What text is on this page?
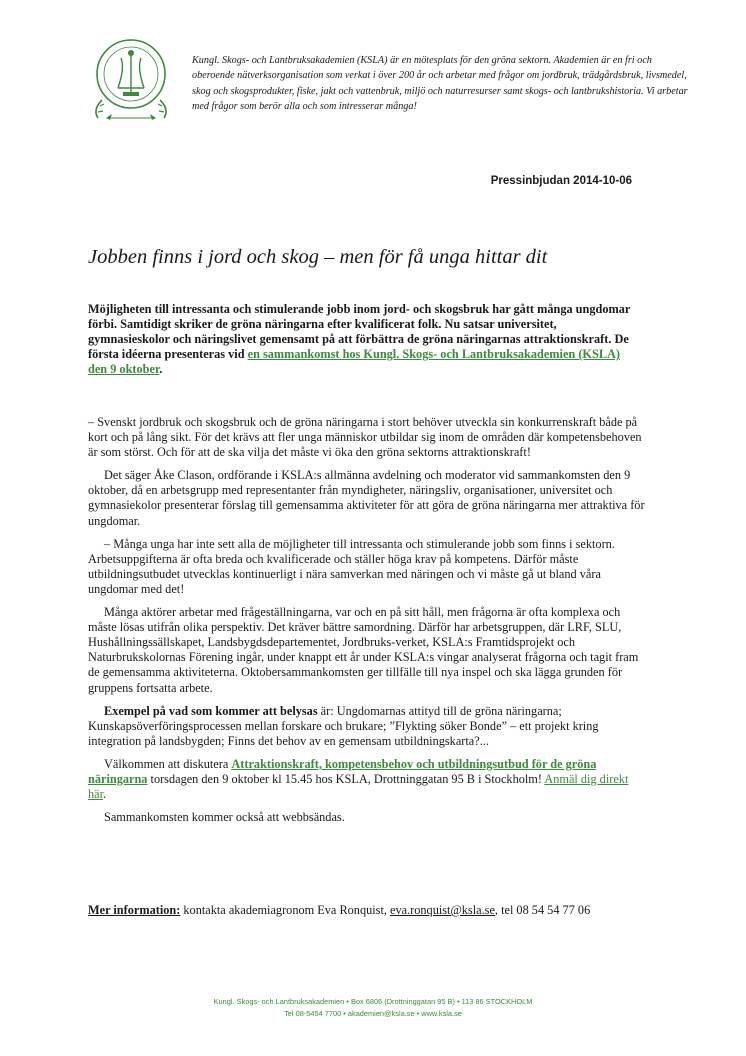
Kungl. Skogs- och Lantbruksakademien (KSLA) är en mötesplats för den gröna sektorn. Akademien är en fri och oberoende nätverksorganisation som verkat i över 200 år och arbetar med frågor om jordbruk, trädgårdsbruk, livsmedel, skog och skogsprodukter, fiske, jakt och vattenbruk, miljö och naturresurser samt skogs- och lantbrukshistoria. Vi arbetar med frågor som berör alla och som intresserar många!
Pressinbjudan 2014-10-06
Jobben finns i jord och skog – men för få unga hittar dit
Möjligheten till intressanta och stimulerande jobb inom jord- och skogsbruk har gått många ungdomar förbi. Samtidigt skriker de gröna näringarna efter kvalificerat folk. Nu satsar universitet, gymnasieskolor och näringslivet gemensamt på att förbättra de gröna näringarnas attraktionskraft. De första idéerna presenteras vid en sammankomst hos Kungl. Skogs- och Lantbruksakademien (KSLA) den 9 oktober.

– Svenskt jordbruk och skogsbruk och de gröna näringarna i stort behöver utveckla sin konkurrenskraft både på kort och på lång sikt. För det krävs att fler unga människor utbildar sig inom de områden där kompetensbehoven är som störst. Och för att de ska vilja det måste vi öka den gröna sektorns attraktionskraft!

Det säger Åke Clason, ordförande i KSLA:s allmänna avdelning och moderator vid sammankomsten den 9 oktober, då en arbetsgrupp med representanter från myndigheter, näringsliv, organisationer, universitet och gymnasiekolor presenterar förslag till gemensamma aktiviteter för att göra de gröna näringarna mer attraktiva för ungdomar.

– Många unga har inte sett alla de möjligheter till intressanta och stimulerande jobb som finns i sektorn. Arbetsuppgifterna är ofta breda och kvalificerade och ställer höga krav på kompetens. Därför måste utbildningsutbudet utvecklas kontinuerligt i nära samverkan med näringen och vi måste gå ut bland våra ungdomar med det!

Många aktörer arbetar med frågeställningarna, var och en på sitt håll, men frågorna är ofta komplexa och måste lösas utifrån olika perspektiv. Det kräver bättre samordning. Därför har arbetsgruppen, där LRF, SLU, Hushållningssällskapet, Landsbygdsdepartementet, Jordbruks-verket, KSLA:s Framtidsprojekt och Naturbrukskolornas Förening ingår, under knappt ett år under KSLA:s vingar analyserat frågorna och tagit fram de gemensamma aktiviteterna. Oktobersammankomsten ger tillfälle till nya inspel och ska lägga grunden för gruppens fortsatta arbete.

Exempel på vad som kommer att belysas är: Ungdomarnas attityd till de gröna näringarna; Kunskapsöverföringsprocessen mellan forskare och brukare; ”Flykting söker Bonde” – ett projekt kring integration på landsbygden; Finns det behov av en gemensam utbildningskarta?...

Välkommen att diskutera Attraktionskraft, kompetensbehov och utbildningsutbud för de gröna näringarna torsdagen den 9 oktober kl 15.45 hos KSLA, Drottninggatan 95 B i Stockholm! Anmäl dig direkt här.

Sammankomsten kommer också att webbsändas.

Mer information: kontakta akademiagronom Eva Ronquist, eva.ronquist@ksla.se, tel 08 54 54 77 06
Kungl. Skogs- och Lantbruksakademien • Box 6806 (Drottninggatan 95 B) • 113 86 STOCKHOLM
Tel 08-5454 7700 • akademien@ksla.se • www.ksla.se
